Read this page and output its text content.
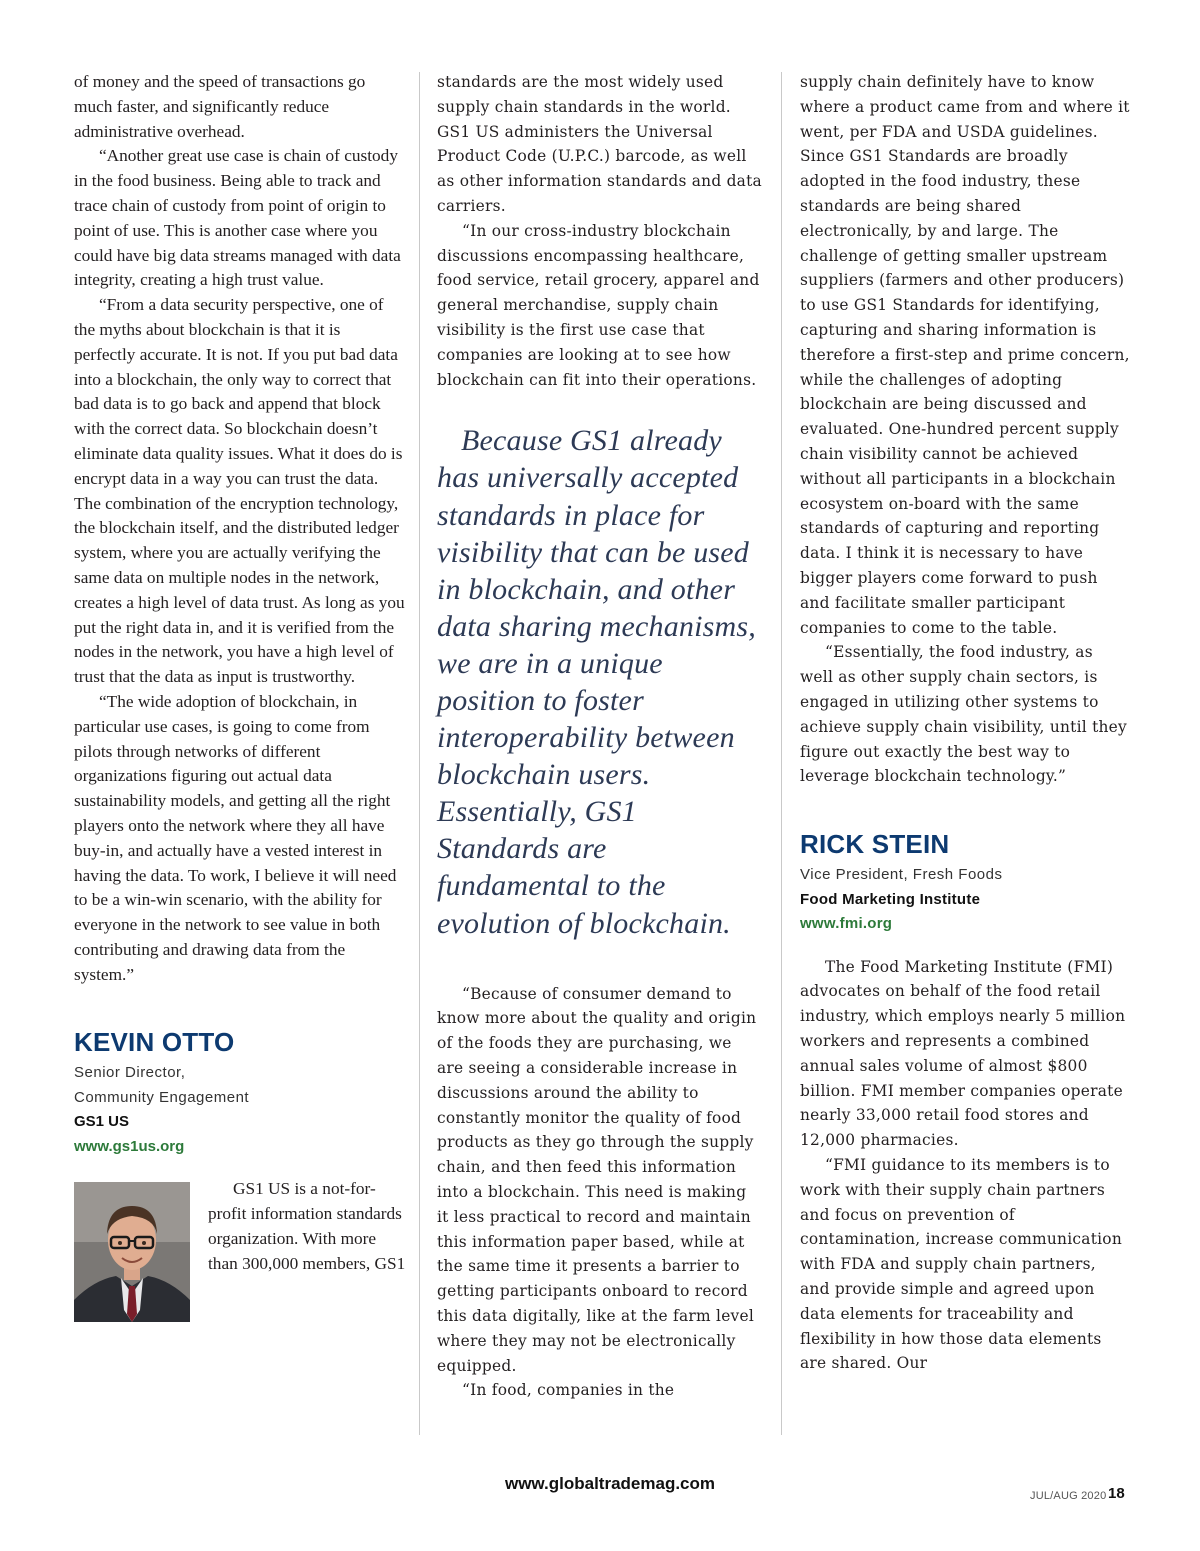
of money and the speed of transactions go much faster, and significantly reduce administrative overhead.

“Another great use case is chain of custody in the food business. Being able to track and trace chain of custody from point of origin to point of use. This is another case where you could have big data streams managed with data integrity, creating a high trust value.

“From a data security perspective, one of the myths about blockchain is that it is perfectly accurate. It is not. If you put bad data into a blockchain, the only way to correct that bad data is to go back and append that block with the correct data. So blockchain doesn’t eliminate data quality issues. What it does do is encrypt data in a way you can trust the data. The combination of the encryption technology, the blockchain itself, and the distributed ledger system, where you are actually verifying the same data on multiple nodes in the network, creates a high level of data trust. As long as you put the right data in, and it is verified from the nodes in the network, you have a high level of trust that the data as input is trustworthy.

“The wide adoption of blockchain, in particular use cases, is going to come from pilots through networks of different organizations figuring out actual data sustainability models, and getting all the right players onto the network where they all have buy-in, and actually have a vested interest in having the data. To work, I believe it will need to be a win-win scenario, with the ability for everyone in the network to see value in both contributing and drawing data from the system.”

KEVIN OTTO
Senior Director,
Community Engagement
GS1 US
www.gs1us.org

GS1 US is a not-for-profit information standards organization. With more than 300,000 members, GS1

standards are the most widely used supply chain standards in the world. GS1 US administers the Universal Product Code (U.P.C.) barcode, as well as other information standards and data carriers.

“In our cross-industry blockchain discussions encompassing healthcare, food service, retail grocery, apparel and general merchandise, supply chain visibility is the first use case that companies are looking at to see how blockchain can fit into their operations.

Because GS1 already has universally accepted standards in place for visibility that can be used in blockchain, and other data sharing mechanisms, we are in a unique position to foster interoperability between blockchain users. Essentially, GS1 Standards are fundamental to the evolution of blockchain.

“Because of consumer demand to know more about the quality and origin of the foods they are purchasing, we are seeing a considerable increase in discussions around the ability to constantly monitor the quality of food products as they go through the supply chain, and then feed this information into a blockchain. This need is making it less practical to record and maintain this information paper based, while at the same time it presents a barrier to getting participants onboard to record this data digitally, like at the farm level where they may not be electronically equipped.

“In food, companies in the

supply chain definitely have to know where a product came from and where it went, per FDA and USDA guidelines. Since GS1 Standards are broadly adopted in the food industry, these standards are being shared electronically, by and large. The challenge of getting smaller upstream suppliers (farmers and other producers) to use GS1 Standards for identifying, capturing and sharing information is therefore a first-step and prime concern, while the challenges of adopting blockchain are being discussed and evaluated. One-hundred percent supply chain visibility cannot be achieved without all participants in a blockchain ecosystem on-board with the same standards of capturing and reporting data. I think it is necessary to have bigger players come forward to push and facilitate smaller participant companies to come to the table.

“Essentially, the food industry, as well as other supply chain sectors, is engaged in utilizing other systems to achieve supply chain visibility, until they figure out exactly the best way to leverage blockchain technology.”

RICK STEIN
Vice President, Fresh Foods
Food Marketing Institute
www.fmi.org

The Food Marketing Institute (FMI) advocates on behalf of the food retail industry, which employs nearly 5 million workers and represents a combined annual sales volume of almost $800 billion. FMI member companies operate nearly 33,000 retail food stores and 12,000 pharmacies.

“FMI guidance to its members is to work with their supply chain partners and focus on prevention of contamination, increase communication with FDA and supply chain partners, and provide simple and agreed upon data elements for traceability and flexibility in how those data elements are shared. Our

www.globaltrademag.com
JUL/AUG 2020 18
